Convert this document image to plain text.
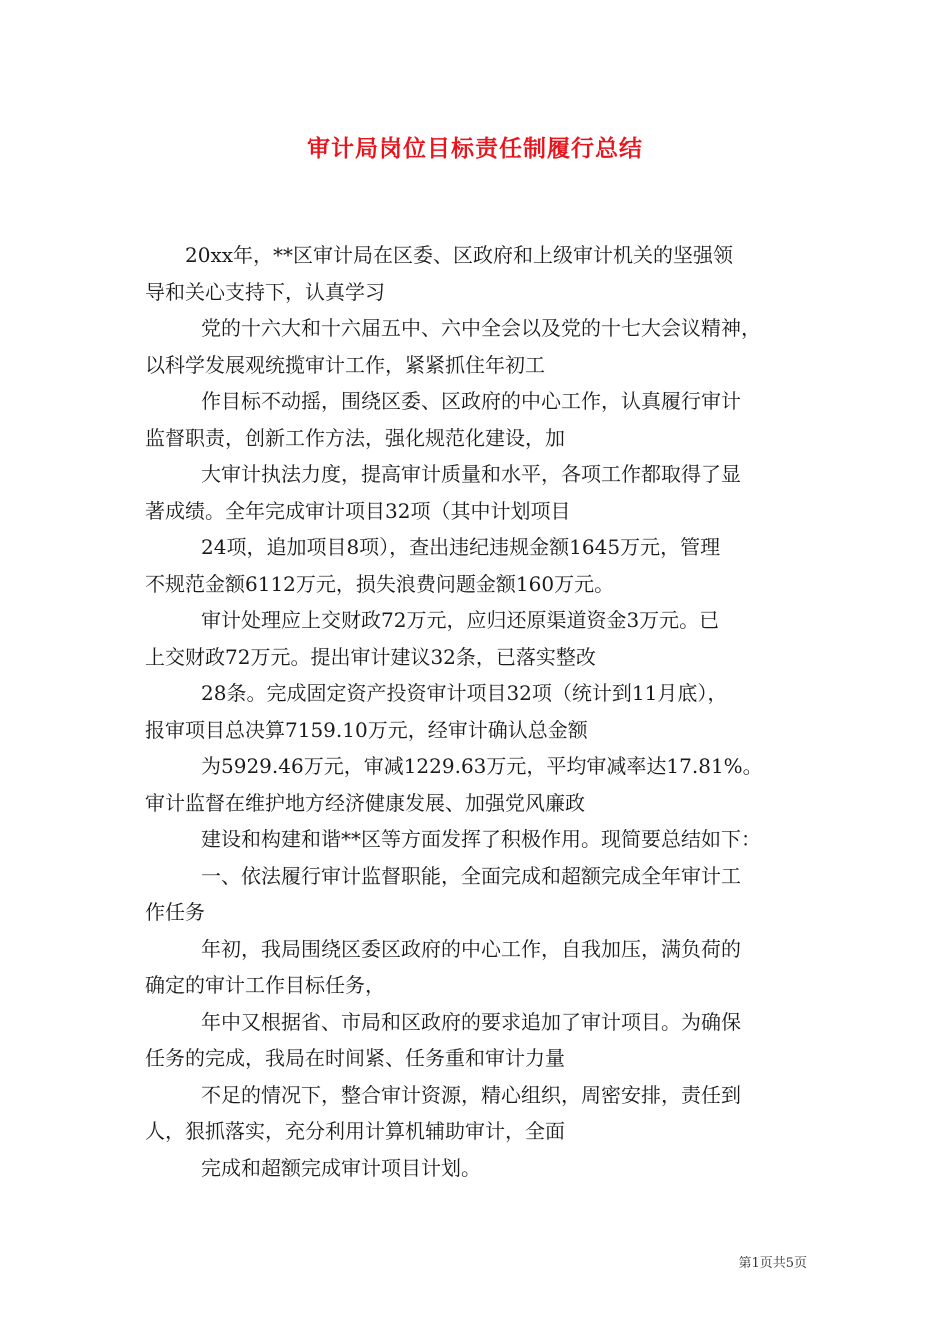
审计局岗位目标责任制履行总结

20xx年，**区审计局在区委、区政府和上级审计机关的坚强领
导和关心支持下，认真学习

党的十六大和十六届五中、六中全会以及党的十七大会议精神，
以科学发展观统揽审计工作，紧紧抓住年初工

作目标不动摇，围绕区委、区政府的中心工作，认真履行审计
监督职责，创新工作方法，强化规范化建设，加

大审计执法力度，提高审计质量和水平，各项工作都取得了显
著成绩。全年完成审计项目32项（其中计划项目

24项，追加项目8项），查出违纪违规金额1645万元，管理
不规范金额6112万元，损失浪费问题金额160万元。

审计处理应上交财政72万元，应归还原渠道资金3万元。已
上交财政72万元。提出审计建议32条，已落实整改

28条。完成固定资产投资审计项目32项（统计到11月底），
报审项目总决算7159.10万元，经审计确认总金额

为5929.46万元，审减1229.63万元，平均审减率达17.81%。
审计监督在维护地方经济健康发展、加强党风廉政

建设和构建和谐**区等方面发挥了积极作用。现简要总结如下：

一、依法履行审计监督职能，全面完成和超额完成全年审计工
作任务

年初，我局围绕区委区政府的中心工作，自我加压，满负荷的
确定的审计工作目标任务，

年中又根据省、市局和区政府的要求追加了审计项目。为确保
任务的完成，我局在时间紧、任务重和审计力量

不足的情况下，整合审计资源，精心组织，周密安排，责任到
人，狠抓落实，充分利用计算机辅助审计，全面

完成和超额完成审计项目计划。

第1页共5页
